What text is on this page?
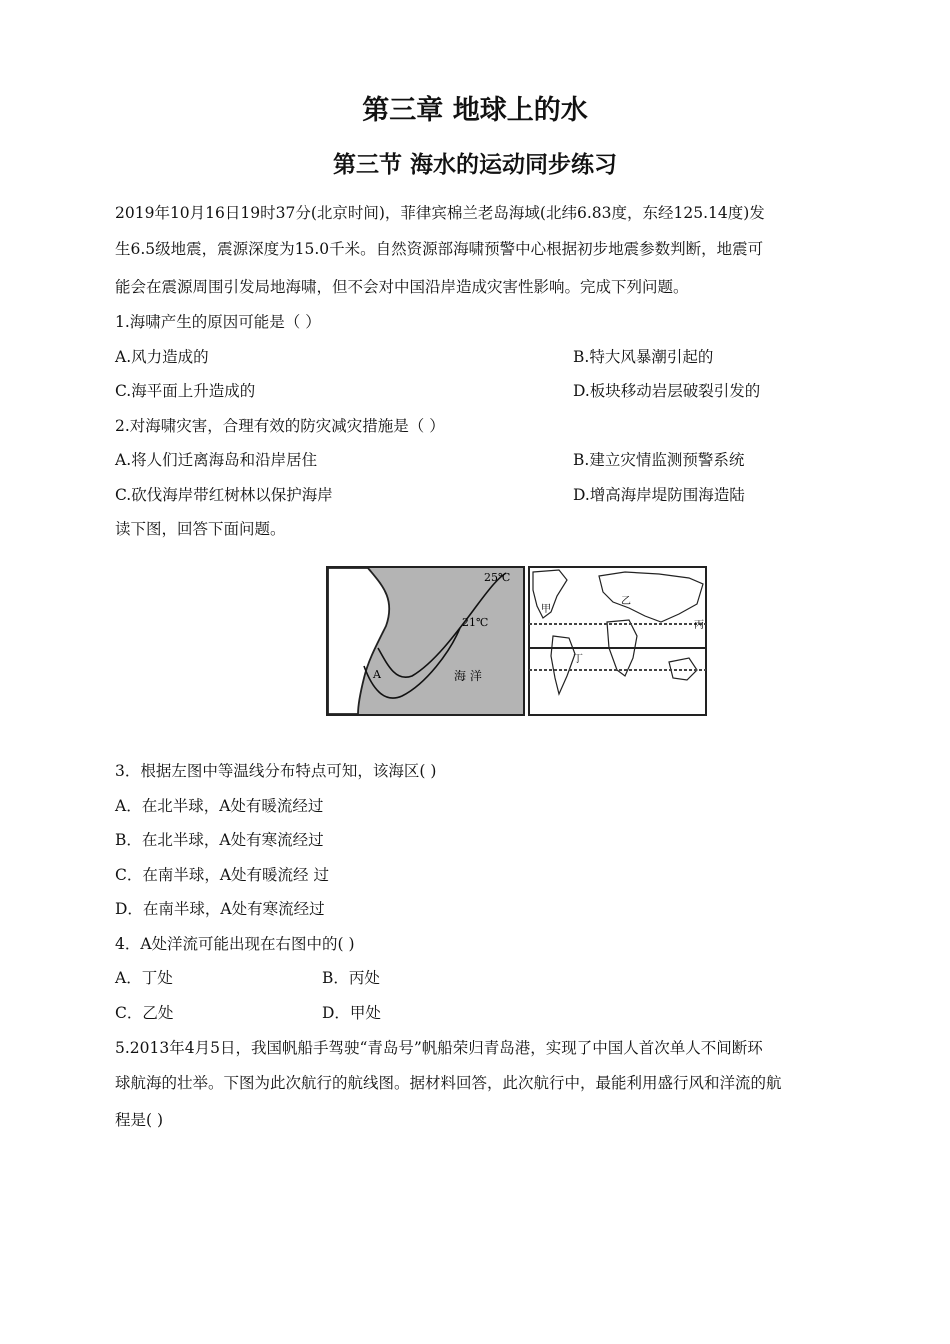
第三章 地球上的水
第三节 海水的运动同步练习
2019年10月16日19时37分(北京时间)，菲律宾棉兰老岛海域(北纬6.83度，东经125.14度)发
生6.5级地震，震源深度为15.0千米。自然资源部海啸预警中心根据初步地震参数判断，地震可
能会在震源周围引发局地海啸，但不会对中国沿岸造成灾害性影响。完成下列问题。
1.海啸产生的原因可能是（ ）
A.风力造成的	B.特大风暴潮引起的
C.海平面上升造成的	D.板块移动岩层破裂引发的
2.对海啸灾害，合理有效的防灾减灾措施是（ ）
A.将人们迁离海岛和沿岸居住	B.建立灾情监测预警系统
C.砍伐海岸带红树林以保护海岸	D.增高海岸堤防围海造陆
读下图，回答下面问题。
25℃
21℃
A	海 洋
甲
乙
丙
丁
3．根据左图中等温线分布特点可知，该海区( )
A．在北半球，A处有暖流经过
B．在北半球，A处有寒流经过
C．在南半球，A处有暖流经 过
D．在南半球，A处有寒流经过
4．A处洋流可能出现在右图中的( )
A．丁处	B．丙处
C．乙处	D．甲处
5.2013年4月5日，我国帆船手驾驶“青岛号”帆船荣归青岛港，实现了中国人首次单人不间断环
球航海的壮举。下图为此次航行的航线图。据材料回答，此次航行中，最能利用盛行风和洋流的航
程是( )
